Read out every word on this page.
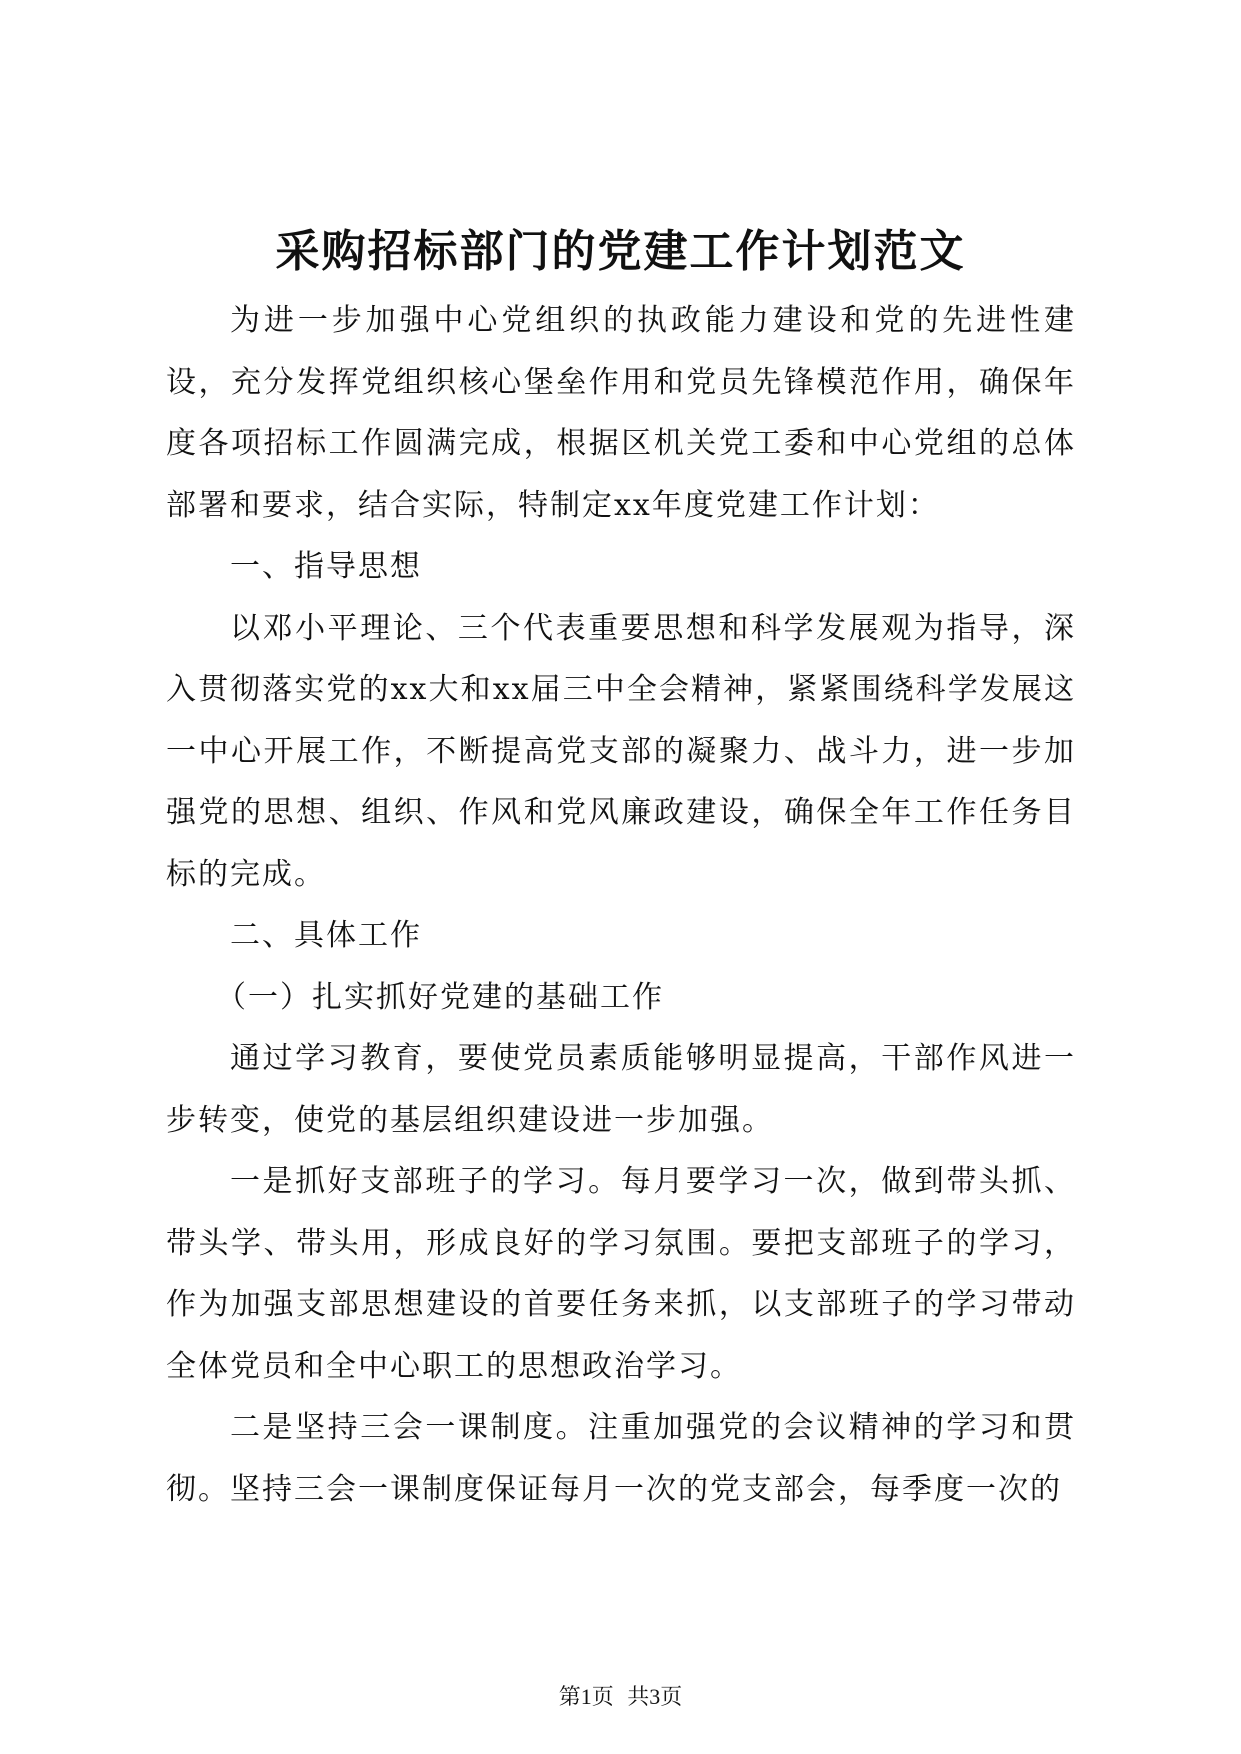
采购招标部门的党建工作计划范文

为进一步加强中心党组织的执政能力建设和党的先进性建设，充分发挥党组织核心堡垒作用和党员先锋模范作用，确保年度各项招标工作圆满完成，根据区机关党工委和中心党组的总体部署和要求，结合实际，特制定xx年度党建工作计划：

一、指导思想

以邓小平理论、三个代表重要思想和科学发展观为指导，深入贯彻落实党的xx大和xx届三中全会精神，紧紧围绕科学发展这一中心开展工作，不断提高党支部的凝聚力、战斗力，进一步加强党的思想、组织、作风和党风廉政建设，确保全年工作任务目标的完成。

二、具体工作

（一）扎实抓好党建的基础工作

通过学习教育，要使党员素质能够明显提高，干部作风进一步转变，使党的基层组织建设进一步加强。

一是抓好支部班子的学习。每月要学习一次，做到带头抓、带头学、带头用，形成良好的学习氛围。要把支部班子的学习，作为加强支部思想建设的首要任务来抓，以支部班子的学习带动全体党员和全中心职工的思想政治学习。

二是坚持三会一课制度。注重加强党的会议精神的学习和贯彻。坚持三会一课制度保证每月一次的党支部会，每季度一次的

第1页 共3页
